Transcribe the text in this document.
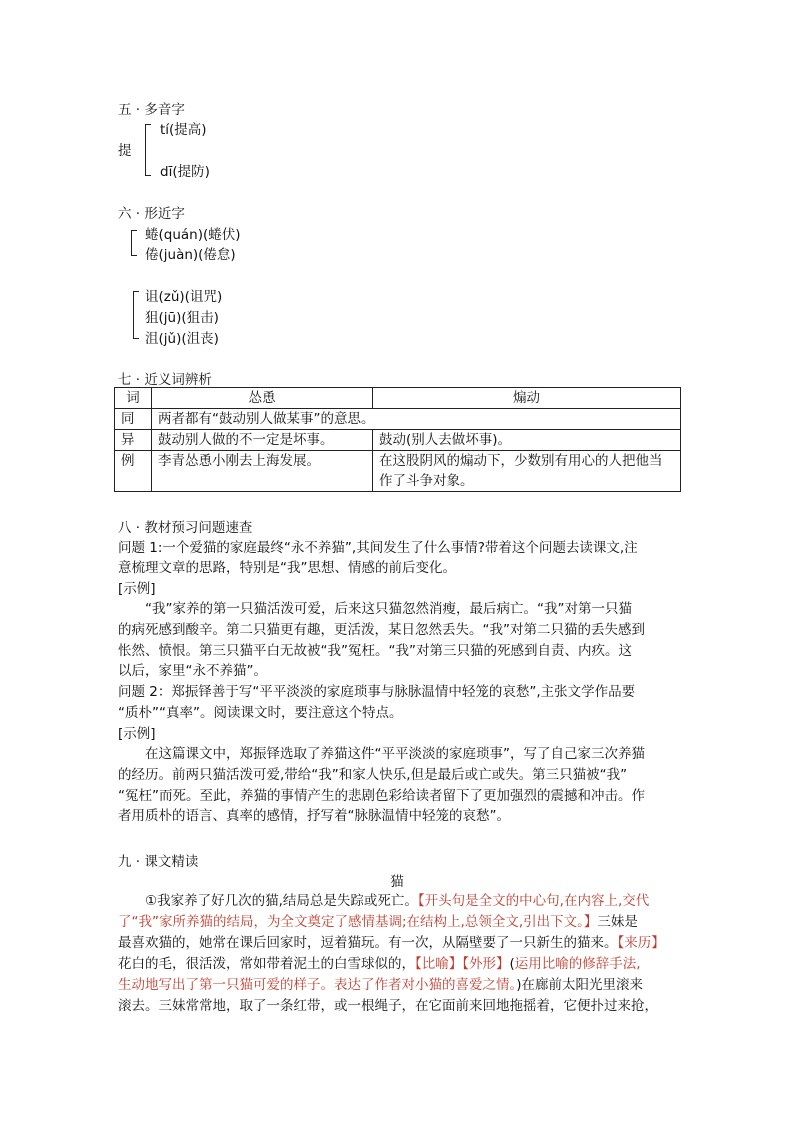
五 · 多音字
提
tí(提高)
dī(提防)
六 · 形近字
蜷(quán)(蜷伏)
倦(juàn)(倦怠)
诅(zǔ)(诅咒)
狙(jū)(狙击)
沮(jǔ)(沮丧)
七 · 近义词辨析
词	怂恿	煽动
同	两者都有“鼓动别人做某事”的意思。	
异	鼓动别人做的不一定是坏事。	鼓动(别人去做坏事)。
例	李青怂恿小刚去上海发展。	在这股阴风的煽动下，少数别有用心的人把他当
作了斗争对象。
八 · 教材预习问题速查
问题 1:一个爱猫的家庭最终“永不养猫”,其间发生了什么事情?带着这个问题去读课文,注
意梳理文章的思路，特别是“我”思想、情感的前后变化。
[示例]
　　“我”家养的第一只猫活泼可爱，后来这只猫忽然消瘦，最后病亡。“我”对第一只猫
的病死感到酸辛。第二只猫更有趣，更活泼，某日忽然丢失。“我”对第二只猫的丢失感到
怅然、愤恨。第三只猫平白无故被“我”冤枉。“我”对第三只猫的死感到自责、内疚。这
以后，家里“永不养猫”。
问题 2：郑振铎善于写“平平淡淡的家庭琐事与脉脉温情中轻笼的哀愁”,主张文学作品要
“质朴”“真率”。阅读课文时，要注意这个特点。
[示例]
　　在这篇课文中，郑振铎选取了养猫这件“平平淡淡的家庭琐事”，写了自己家三次养猫
的经历。前两只猫活泼可爱,带给“我”和家人快乐,但是最后或亡或失。第三只猫被“我”
“冤枉”而死。至此，养猫的事情产生的悲剧色彩给读者留下了更加强烈的震撼和冲击。作
者用质朴的语言、真率的感情，抒写着“脉脉温情中轻笼的哀愁”。
九 · 课文精读
猫
　　①我家养了好几次的猫,结局总是失踪或死亡。【开头句是全文的中心句,在内容上,交代
了“我”家所养猫的结局，为全文奠定了感情基调;在结构上,总领全文,引出下文。】三妹是
最喜欢猫的，她常在课后回家时，逗着猫玩。有一次，从隔壁要了一只新生的猫来。【来历】
花白的毛，很活泼，常如带着泥土的白雪球似的，【比喻】【外形】(运用比喻的修辞手法,
生动地写出了第一只猫可爱的样子。表达了作者对小猫的喜爱之情。)在廊前太阳光里滚来
滚去。三妹常常地，取了一条红带，或一根绳子，在它面前来回地拖摇着，它便扑过来抢，
